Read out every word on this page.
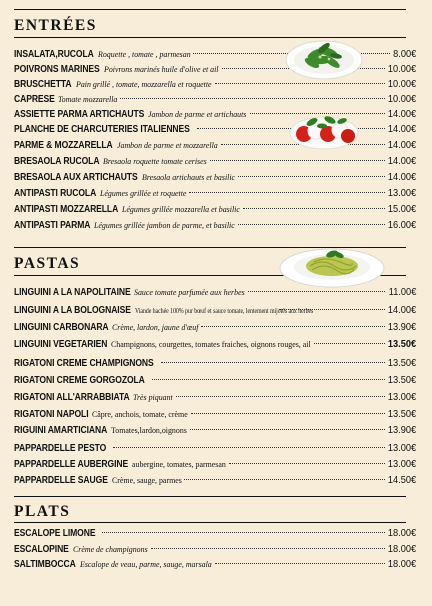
ENTRÉES
INSALATA,RUCOLA Roquette , tomate , parmesan	8.00€
POIVRONS MARINES Poivrons marinés huile d'olive et ail	10.00€
BRUSCHETTA Pain grillé , tomate, mozzarella et roquette	10.00€
CAPRESE Tomate mozzarella	10.00€
ASSIETTE PARMA ARTICHAUTS Jambon de parme et artichauts	14.00€
PLANCHE DE CHARCUTERIES ITALIENNES	14.00€
PARME & MOZZARELLA Jambon de parme et mozzarella	14.00€
BRESAOLA RUCOLA Bresaola roquette tomate cerises	14.00€
BRESAOLA AUX ARTICHAUTS Bresaola artichauts et basilic	14.00€
ANTIPASTI RUCOLA Légumes grillée et roquette	13.00€
ANTIPASTI MOZZARELLA Légumes grillée mozzarella et basilic	15.00€
ANTIPASTI PARMA Légumes grillée jambon de parme, et basilic	16.00€
PASTAS
LINGUINI A LA NAPOLITAINE Sauce tomate parfumée aux herbes	11.00€
LINGUINI A LA BOLOGNAISE Viande hachée 100% pur bœuf et sauce tomate, lentement mijotés aux herbes	14.00€
LINGUINI CARBONARA Crème, lardon, jaune d'œuf	13.90€
LINGUINI VEGETARIEN Champignons, courgettes, tomates fraiches, oignons rouges, ail	13.50€
RIGATONI CREME CHAMPIGNONS	13.50€
RIGATONI CREME GORGOZOLA	13.50€
RIGATONI ALL'ARRABBIATA Très piquant	13.00€
RIGATONI NAPOLI Câpre, anchois, tomate, crème	13.50€
RIGUINI AMARTICIANA Tomates,lardon,oignons	13.90€
PAPPARDELLE PESTO	13.00€
PAPPARDELLE AUBERGINE aubergine, tomates, parmesan	13.00€
PAPPARDELLE SAUGE Crème, sauge, parmes	14.50€
PLATS
ESCALOPE LIMONE	18.00€
ESCALOPINE Crème de champignons	18.00€
SALTIMBOCCA Escalope de veau, parme, sauge, marsala	18.00€
